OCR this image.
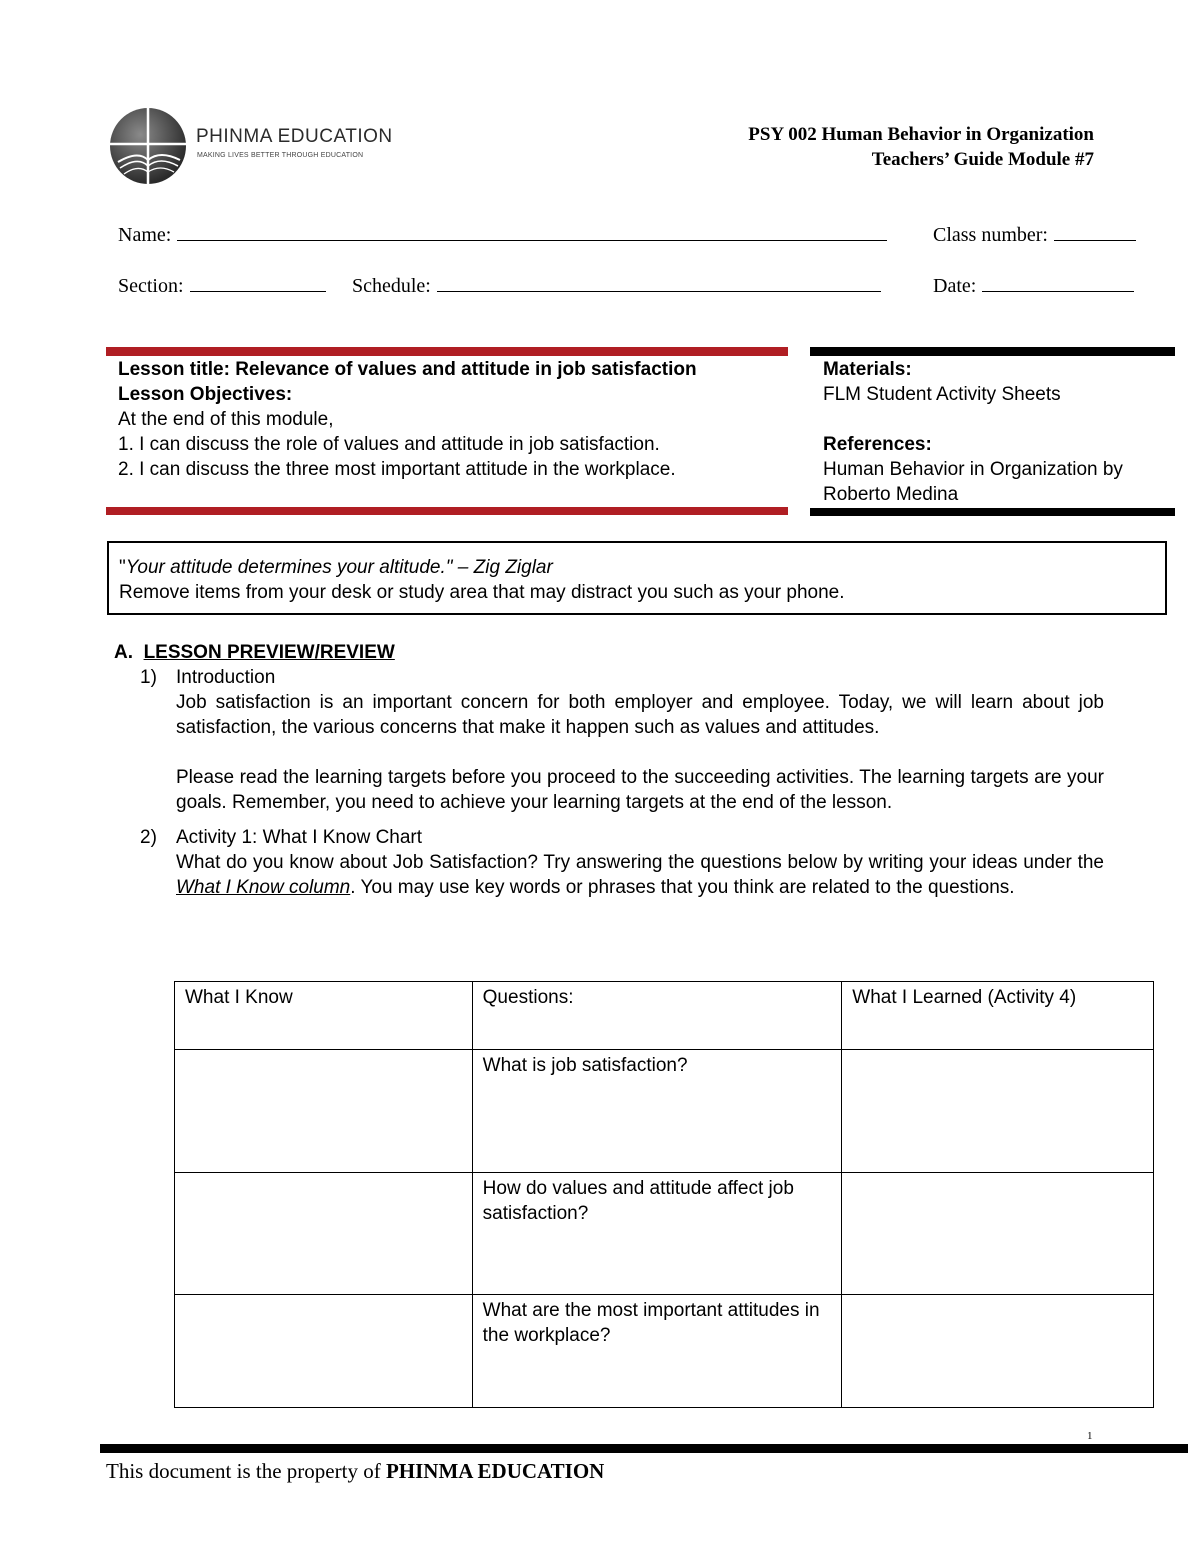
PHINMA EDUCATION
MAKING LIVES BETTER THROUGH EDUCATION
PSY 002 Human Behavior in Organization
Teachers’ Guide Module #7
Name:	Class number:
Section:	Schedule:	Date:
Lesson title: Relevance of values and attitude in job satisfaction
Lesson Objectives:
At the end of this module,
1. I can discuss the role of values and attitude in job satisfaction.
2. I can discuss the three most important attitude in the workplace.
Materials:
FLM Student Activity Sheets
References:
Human Behavior in Organization by
Roberto Medina
"Your attitude determines your altitude." – Zig Ziglar
Remove items from your desk or study area that may distract you such as your phone.
A. LESSON PREVIEW/REVIEW
1) Introduction
Job satisfaction is an important concern for both employer and employee. Today, we will learn about job satisfaction, the various concerns that make it happen such as values and attitudes.
Please read the learning targets before you proceed to the succeeding activities. The learning targets are your goals. Remember, you need to achieve your learning targets at the end of the lesson.
2) Activity 1: What I Know Chart
What do you know about Job Satisfaction? Try answering the questions below by writing your ideas under the What I Know column. You may use key words or phrases that you think are related to the questions.
What I Know	Questions:	What I Learned (Activity 4)
	What is job satisfaction?	
	How do values and attitude affect job satisfaction?	
	What are the most important attitudes in the workplace?	
1
This document is the property of PHINMA EDUCATION
